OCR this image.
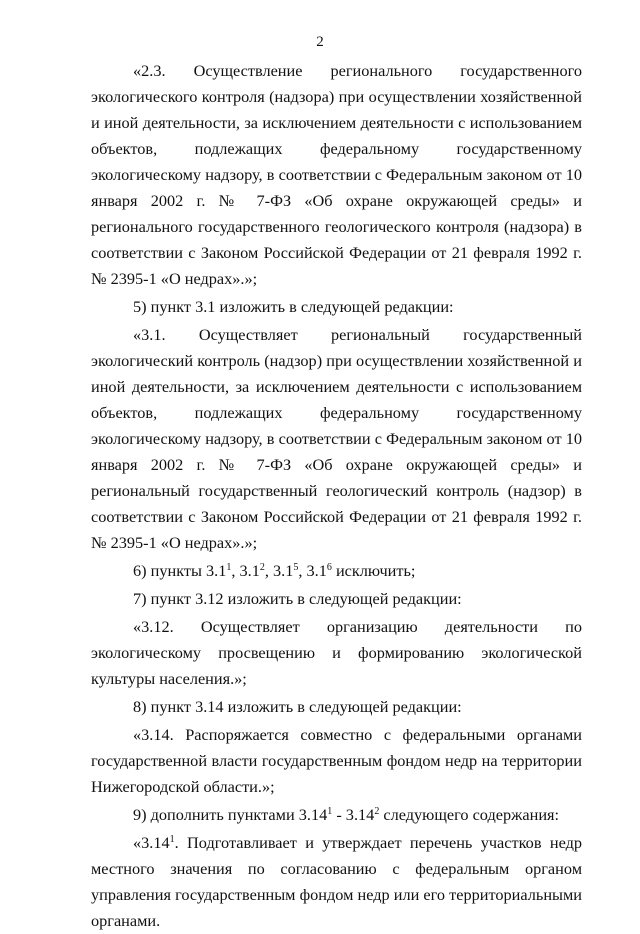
2

«2.3. Осуществление регионального государственного экологического контроля (надзора) при осуществлении хозяйственной и иной деятельности, за исключением деятельности с использованием объектов, подлежащих федеральному государственному экологическому надзору, в соответствии с Федеральным законом от 10 января 2002 г. № 7-ФЗ «Об охране окружающей среды» и регионального государственного геологического контроля (надзора) в соответствии с Законом Российской Федерации от 21 февраля 1992 г. № 2395-1 «О недрах».»;

5) пункт 3.1 изложить в следующей редакции:

«3.1. Осуществляет региональный государственный экологический контроль (надзор) при осуществлении хозяйственной и иной деятельности, за исключением деятельности с использованием объектов, подлежащих федеральному государственному экологическому надзору, в соответствии с Федеральным законом от 10 января 2002 г. № 7-ФЗ «Об охране окружающей среды» и региональный государственный геологический контроль (надзор) в соответствии с Законом Российской Федерации от 21 февраля 1992 г. № 2395-1 «О недрах».»;

6) пункты $3.1^1$, $3.1^2$, $3.1^5$, $3.1^6$ исключить;

7) пункт 3.12 изложить в следующей редакции:

«3.12. Осуществляет организацию деятельности по экологическому просвещению и формированию экологической культуры населения.»;

8) пункт 3.14 изложить в следующей редакции:

«3.14. Распоряжается совместно с федеральными органами государственной власти государственным фондом недр на территории Нижегородской области.»;

9) дополнить пунктами 3.14$^1$ - 3.14$^2$ следующего содержания:

«3.14$^1$. Подготавливает и утверждает перечень участков недр местного значения по согласованию с федеральным органом управления государственным фондом недр или его территориальными органами.
